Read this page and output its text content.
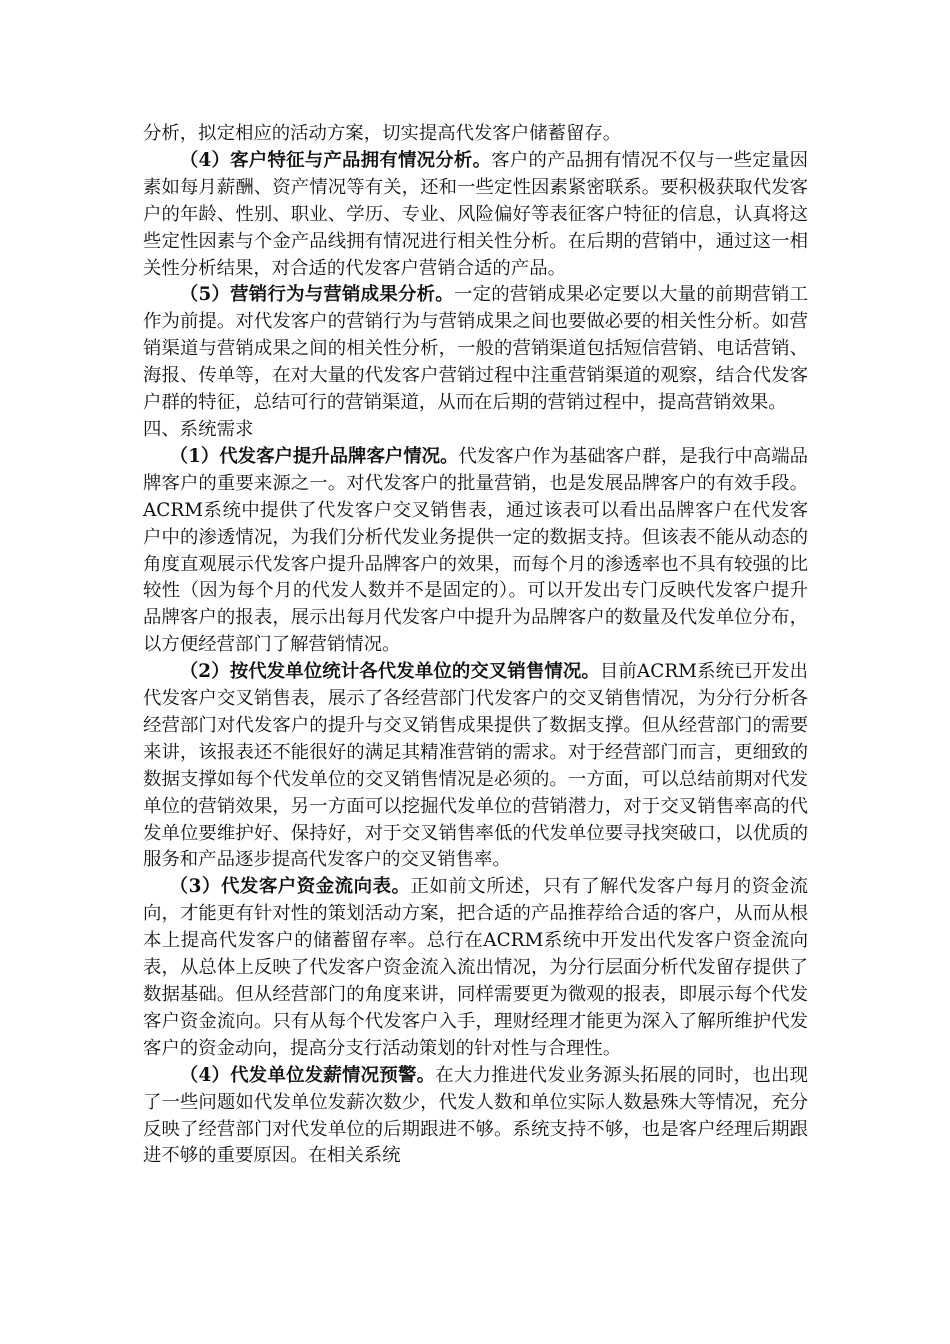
分析，拟定相应的活动方案，切实提高代发客户储蓄留存。

（4）客户特征与产品拥有情况分析。客户的产品拥有情况不仅与一些定量因素如每月薪酬、资产情况等有关，还和一些定性因素紧密联系。要积极获取代发客户的年龄、性别、职业、学历、专业、风险偏好等表征客户特征的信息，认真将这些定性因素与个金产品线拥有情况进行相关性分析。在后期的营销中，通过这一相关性分析结果，对合适的代发客户营销合适的产品。

（5）营销行为与营销成果分析。一定的营销成果必定要以大量的前期营销工作为前提。对代发客户的营销行为与营销成果之间也要做必要的相关性分析。如营销渠道与营销成果之间的相关性分析，一般的营销渠道包括短信营销、电话营销、海报、传单等，在对大量的代发客户营销过程中注重营销渠道的观察，结合代发客户群的特征，总结可行的营销渠道，从而在后期的营销过程中，提高营销效果。

四、系统需求

（1）代发客户提升品牌客户情况。代发客户作为基础客户群，是我行中高端品牌客户的重要来源之一。对代发客户的批量营销，也是发展品牌客户的有效手段。ACRM系统中提供了代发客户交叉销售表，通过该表可以看出品牌客户在代发客户中的渗透情况，为我们分析代发业务提供一定的数据支持。但该表不能从动态的角度直观展示代发客户提升品牌客户的效果，而每个月的渗透率也不具有较强的比较性（因为每个月的代发人数并不是固定的）。可以开发出专门反映代发客户提升品牌客户的报表，展示出每月代发客户中提升为品牌客户的数量及代发单位分布，以方便经营部门了解营销情况。

（2）按代发单位统计各代发单位的交叉销售情况。目前ACRM系统已开发出代发客户交叉销售表，展示了各经营部门代发客户的交叉销售情况，为分行分析各经营部门对代发客户的提升与交叉销售成果提供了数据支撑。但从经营部门的需要来讲，该报表还不能很好的满足其精准营销的需求。对于经营部门而言，更细致的数据支撑如每个代发单位的交叉销售情况是必须的。一方面，可以总结前期对代发单位的营销效果，另一方面可以挖掘代发单位的营销潜力，对于交叉销售率高的代发单位要维护好、保持好，对于交叉销售率低的代发单位要寻找突破口，以优质的服务和产品逐步提高代发客户的交叉销售率。

（3）代发客户资金流向表。正如前文所述，只有了解代发客户每月的资金流向，才能更有针对性的策划活动方案，把合适的产品推荐给合适的客户，从而从根本上提高代发客户的储蓄留存率。总行在ACRM系统中开发出代发客户资金流向表，从总体上反映了代发客户资金流入流出情况，为分行层面分析代发留存提供了数据基础。但从经营部门的角度来讲，同样需要更为微观的报表，即展示每个代发客户资金流向。只有从每个代发客户入手，理财经理才能更为深入了解所维护代发客户的资金动向，提高分支行活动策划的针对性与合理性。

（4）代发单位发薪情况预警。在大力推进代发业务源头拓展的同时，也出现了一些问题如代发单位发薪次数少，代发人数和单位实际人数悬殊大等情况，充分反映了经营部门对代发单位的后期跟进不够。系统支持不够，也是客户经理后期跟进不够的重要原因。在相关系统
